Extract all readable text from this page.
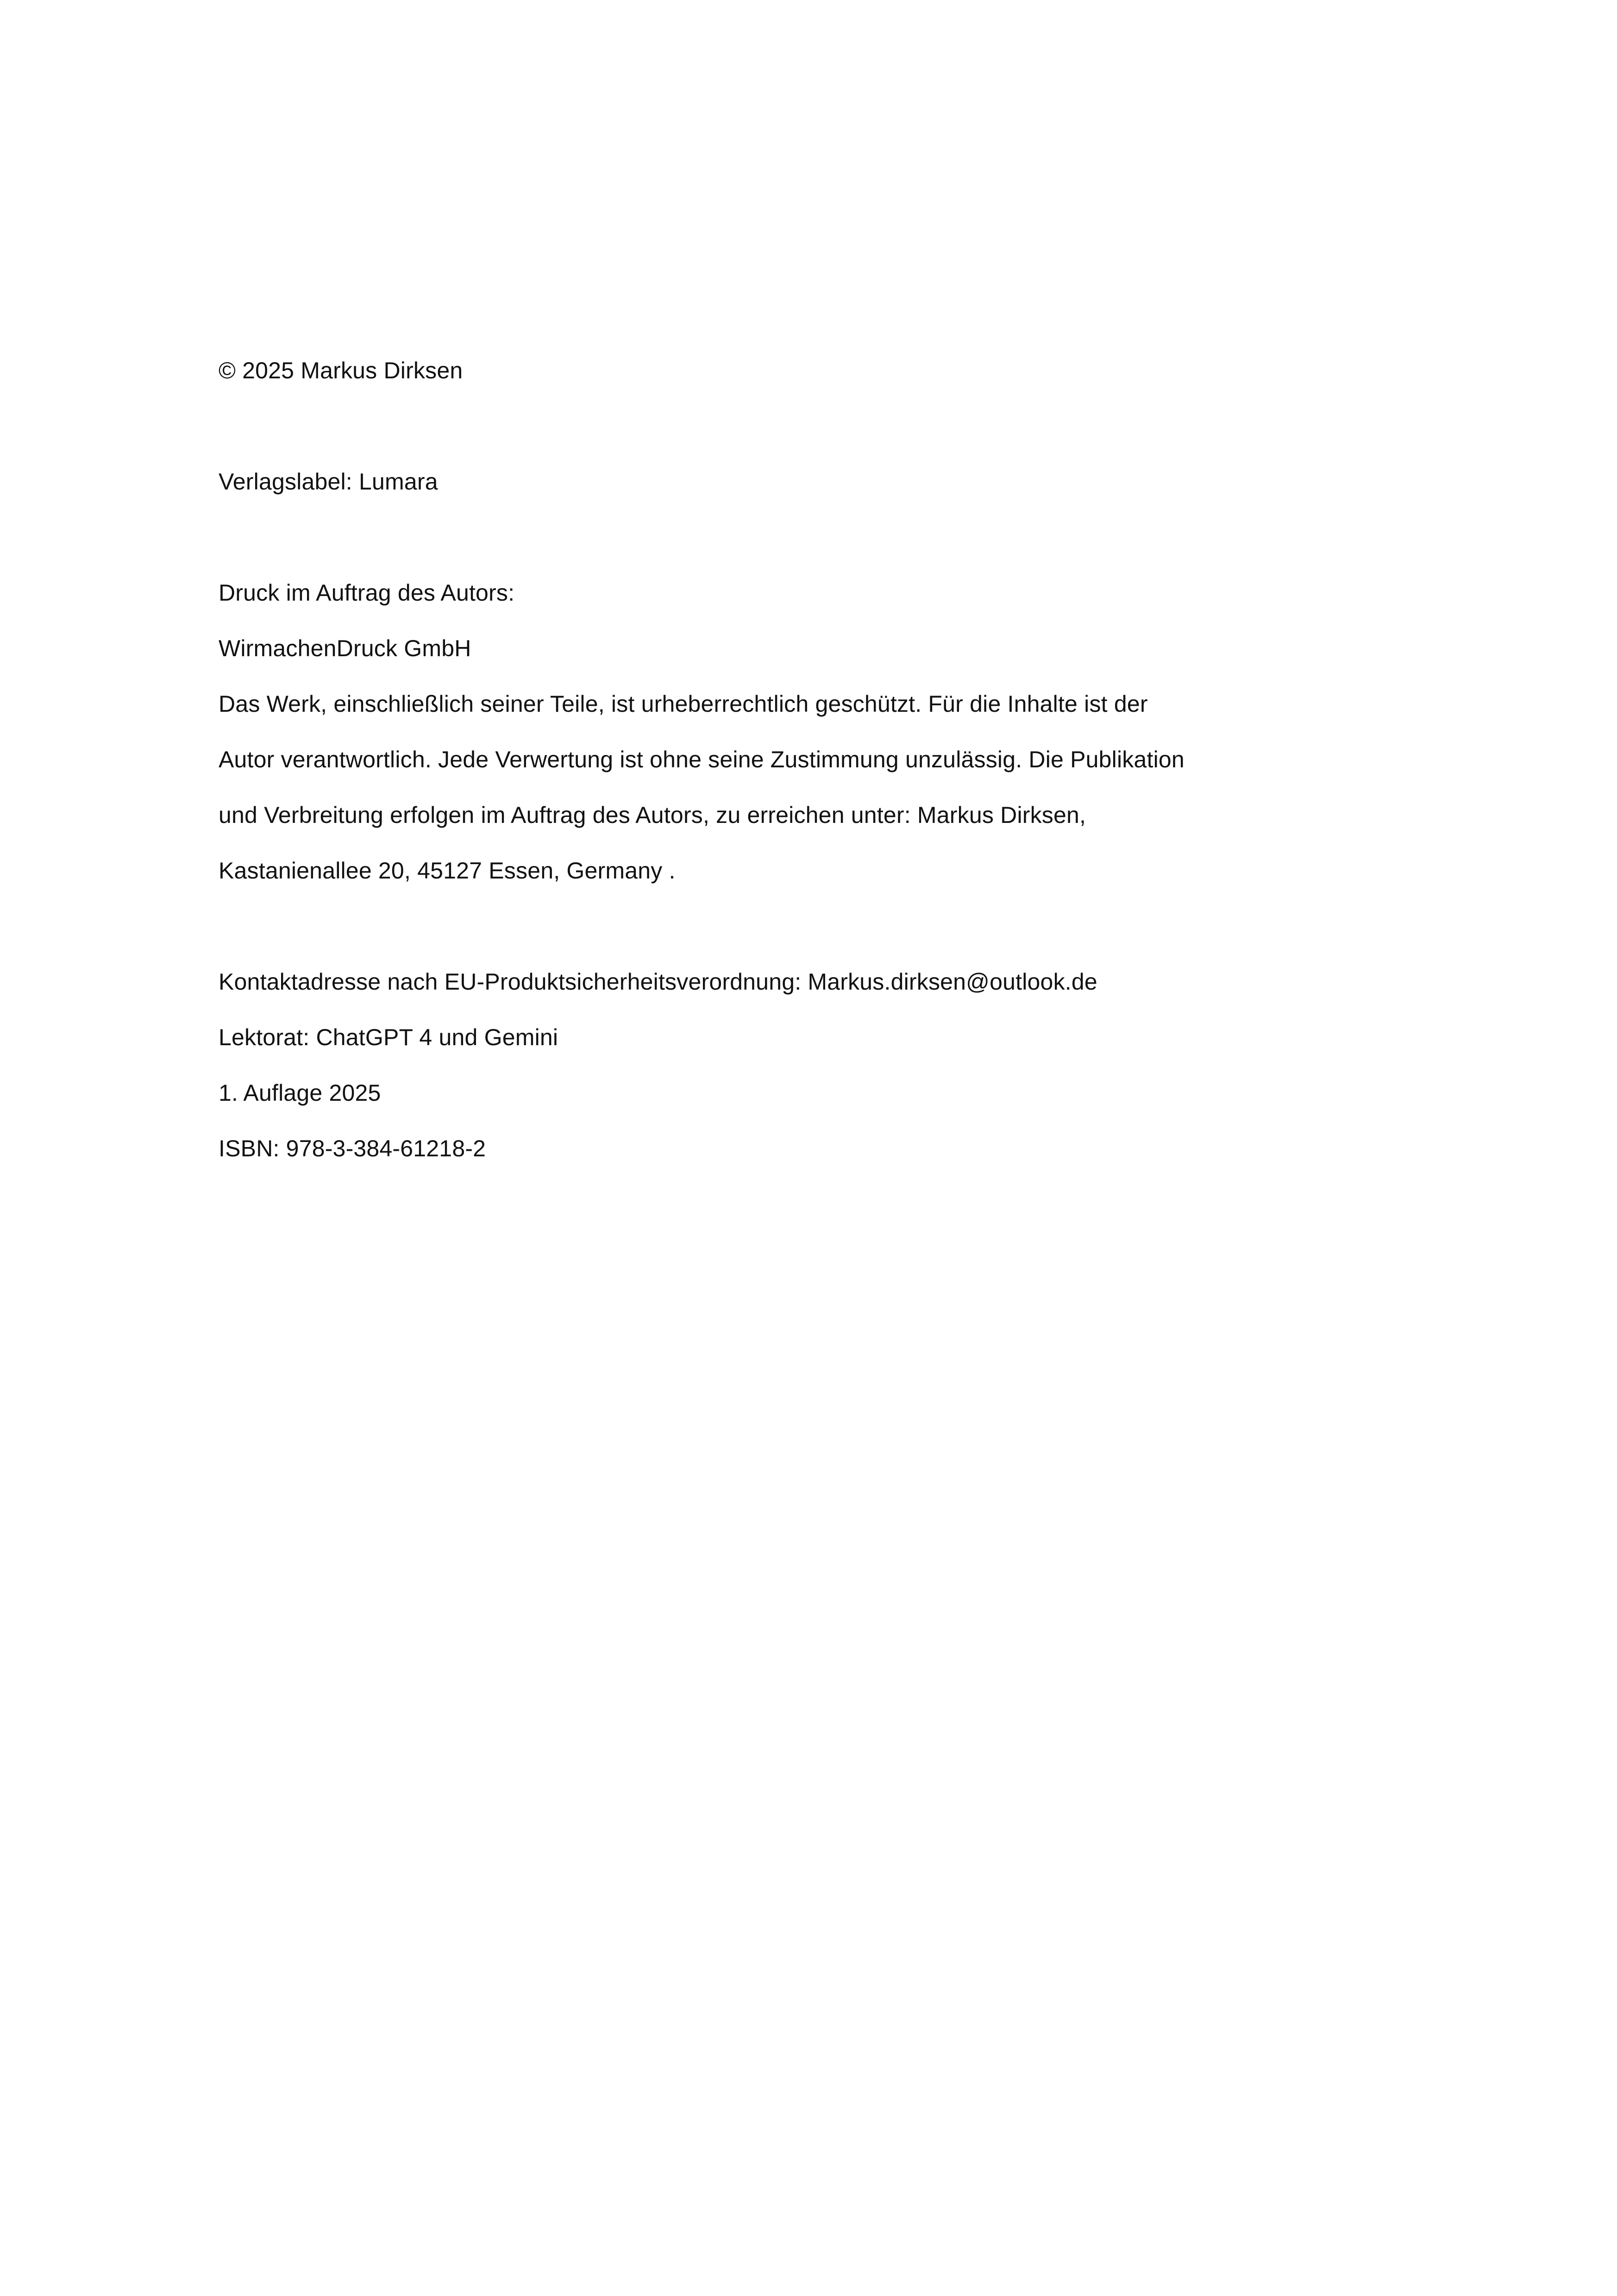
© 2025 Markus Dirksen
Verlagslabel: Lumara
Druck im Auftrag des Autors:
WirmachenDruck GmbH
Das Werk, einschließlich seiner Teile, ist urheberrechtlich geschützt. Für die Inhalte ist der
Autor verantwortlich. Jede Verwertung ist ohne seine Zustimmung unzulässig. Die Publikation
und Verbreitung erfolgen im Auftrag des Autors, zu erreichen unter: Markus Dirksen,
Kastanienallee 20, 45127 Essen, Germany .
Kontaktadresse nach EU-Produktsicherheitsverordnung: Markus.dirksen@outlook.de
Lektorat: ChatGPT 4 und Gemini
1. Auflage 2025
ISBN: 978-3-384-61218-2
